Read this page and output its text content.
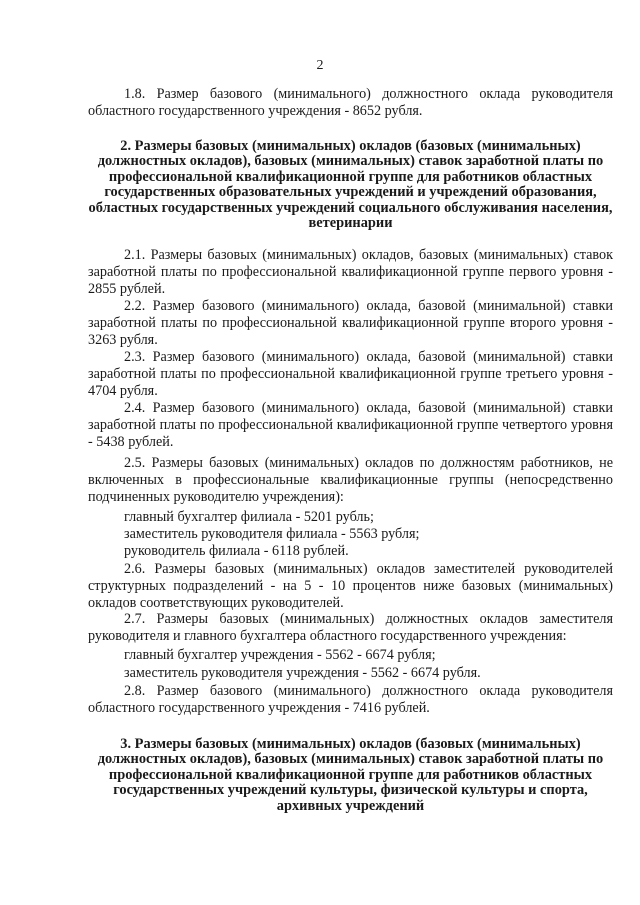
2
1.8. Размер базового (минимального) должностного оклада руководителя областного государственного учреждения - 8652 рубля.
2. Размеры базовых (минимальных) окладов (базовых (минимальных) должностных окладов), базовых (минимальных) ставок заработной платы по профессиональной квалификационной группе для работников областных государственных образовательных учреждений и учреждений образования, областных государственных учреждений социального обслуживания населения, ветеринарии
2.1. Размеры базовых (минимальных) окладов, базовых (минимальных) ставок заработной платы по профессиональной квалификационной группе первого уровня - 2855 рублей.
2.2. Размер базового (минимального) оклада, базовой (минимальной) ставки заработной платы по профессиональной квалификационной группе второго уровня - 3263 рубля.
2.3. Размер базового (минимального) оклада, базовой (минимальной) ставки заработной платы по профессиональной квалификационной группе третьего уровня - 4704 рубля.
2.4. Размер базового (минимального) оклада, базовой (минимальной) ставки заработной платы по профессиональной квалификационной группе четвертого уровня - 5438 рублей.
2.5. Размеры базовых (минимальных) окладов по должностям работников, не включенных в профессиональные квалификационные группы (непосредственно подчиненных руководителю учреждения):
главный бухгалтер филиала - 5201 рубль;
заместитель руководителя филиала - 5563 рубля;
руководитель филиала - 6118 рублей.
2.6. Размеры базовых (минимальных) окладов заместителей руководителей структурных подразделений - на 5 - 10 процентов ниже базовых (минимальных) окладов соответствующих руководителей.
2.7. Размеры базовых (минимальных) должностных окладов заместителя руководителя и главного бухгалтера областного государственного учреждения:
главный бухгалтер учреждения - 5562 - 6674 рубля;
заместитель руководителя учреждения - 5562 - 6674 рубля.
2.8. Размер базового (минимального) должностного оклада руководителя областного государственного учреждения - 7416 рублей.
3. Размеры базовых (минимальных) окладов (базовых (минимальных) должностных окладов), базовых (минимальных) ставок заработной платы по профессиональной квалификационной группе для работников областных государственных учреждений культуры, физической культуры и спорта, архивных учреждений
